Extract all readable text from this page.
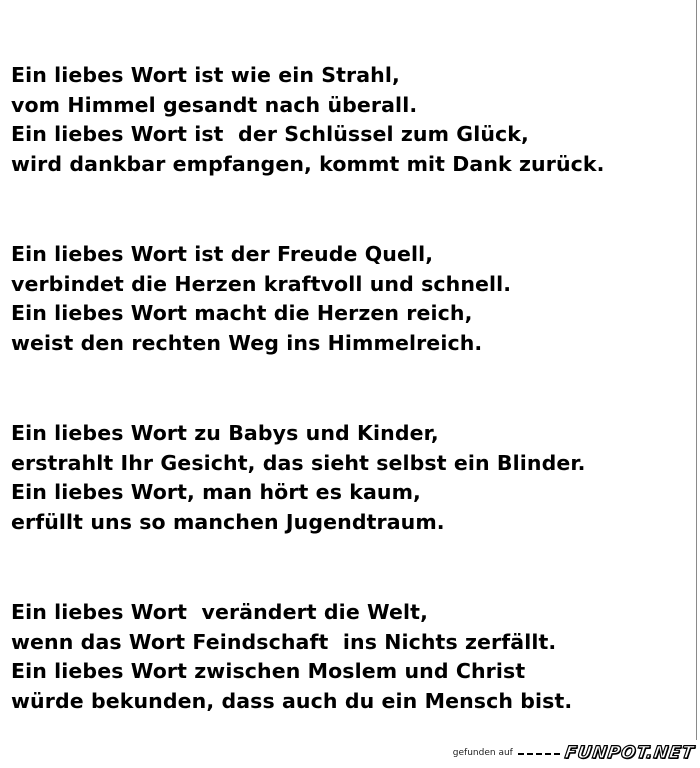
Ein liebes Wort ist wie ein Strahl,
vom Himmel gesandt nach überall.
Ein liebes Wort ist  der Schlüssel zum Glück,
wird dankbar empfangen, kommt mit Dank zurück.
Ein liebes Wort ist der Freude Quell,
verbindet die Herzen kraftvoll und schnell.
Ein liebes Wort macht die Herzen reich,
weist den rechten Weg ins Himmelreich.
Ein liebes Wort zu Babys und Kinder,
erstrahlt Ihr Gesicht, das sieht selbst ein Blinder.
Ein liebes Wort, man hört es kaum,
erfüllt uns so manchen Jugendtraum.
Ein liebes Wort  verändert die Welt,
wenn das Wort Feindschaft  ins Nichts zerfällt.
Ein liebes Wort zwischen Moslem und Christ
würde bekunden, dass auch du ein Mensch bist.
gefunden auf	FUNPOT.NET
